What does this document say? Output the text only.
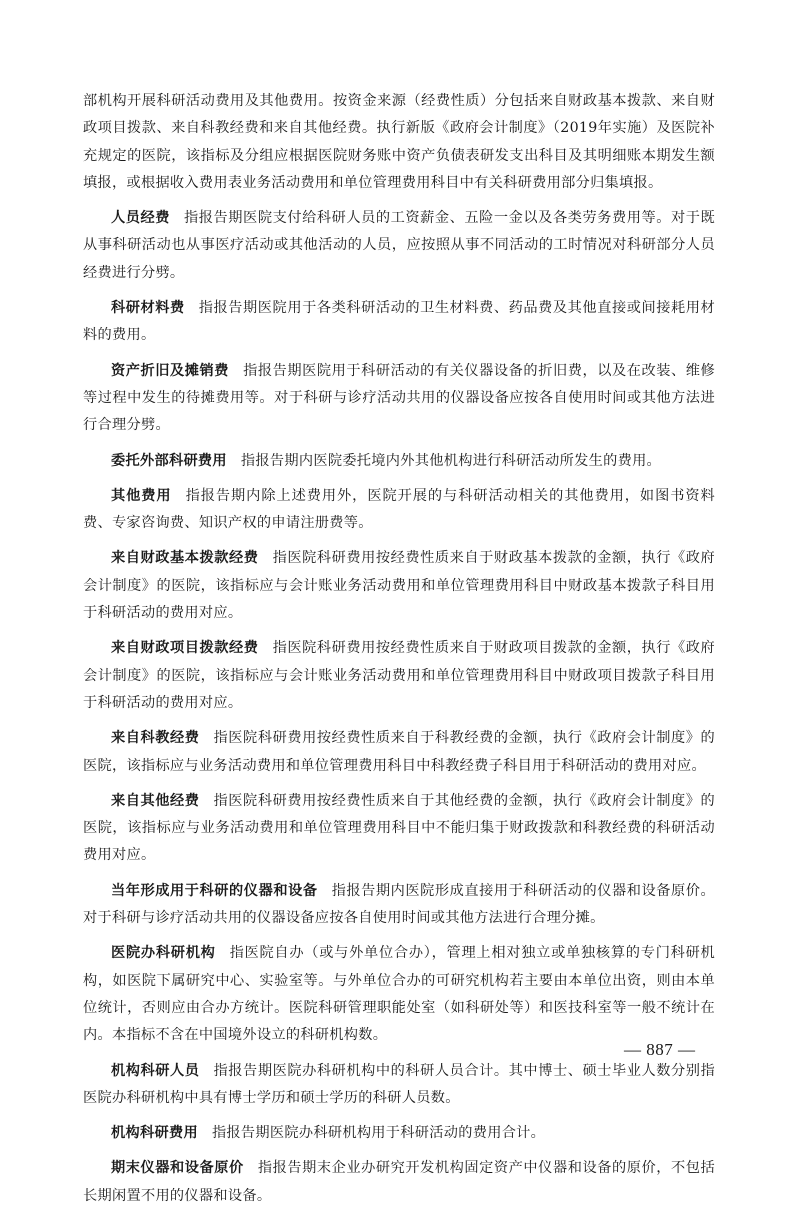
部机构开展科研活动费用及其他费用。按资金来源（经费性质）分包括来自财政基本拨款、来自财政项目拨款、来自科教经费和来自其他经费。执行新版《政府会计制度》（2019年实施）及医院补充规定的医院，该指标及分组应根据医院财务账中资产负债表研发支出科目及其明细账本期发生额填报，或根据收入费用表业务活动费用和单位管理费用科目中有关科研费用部分归集填报。

人员经费 指报告期医院支付给科研人员的工资薪金、五险一金以及各类劳务费用等。对于既从事科研活动也从事医疗活动或其他活动的人员，应按照从事不同活动的工时情况对科研部分人员经费进行分劈。

科研材料费 指报告期医院用于各类科研活动的卫生材料费、药品费及其他直接或间接耗用材料的费用。

资产折旧及摊销费 指报告期医院用于科研活动的有关仪器设备的折旧费，以及在改装、维修等过程中发生的待摊费用等。对于科研与诊疗活动共用的仪器设备应按各自使用时间或其他方法进行合理分劈。

委托外部科研费用 指报告期内医院委托境内外其他机构进行科研活动所发生的费用。

其他费用 指报告期内除上述费用外，医院开展的与科研活动相关的其他费用，如图书资料费、专家咨询费、知识产权的申请注册费等。

来自财政基本拨款经费 指医院科研费用按经费性质来自于财政基本拨款的金额，执行《政府会计制度》的医院，该指标应与会计账业务活动费用和单位管理费用科目中财政基本拨款子科目用于科研活动的费用对应。

来自财政项目拨款经费 指医院科研费用按经费性质来自于财政项目拨款的金额，执行《政府会计制度》的医院，该指标应与会计账业务活动费用和单位管理费用科目中财政项目拨款子科目用于科研活动的费用对应。

来自科教经费 指医院科研费用按经费性质来自于科教经费的金额，执行《政府会计制度》的医院，该指标应与业务活动费用和单位管理费用科目中科教经费子科目用于科研活动的费用对应。

来自其他经费 指医院科研费用按经费性质来自于其他经费的金额，执行《政府会计制度》的医院，该指标应与业务活动费用和单位管理费用科目中不能归集于财政拨款和科教经费的科研活动费用对应。

当年形成用于科研的仪器和设备 指报告期内医院形成直接用于科研活动的仪器和设备原价。对于科研与诊疗活动共用的仪器设备应按各自使用时间或其他方法进行合理分摊。

医院办科研机构 指医院自办（或与外单位合办），管理上相对独立或单独核算的专门科研机构，如医院下属研究中心、实验室等。与外单位合办的可研究机构若主要由本单位出资，则由本单位统计，否则应由合办方统计。医院科研管理职能处室（如科研处等）和医技科室等一般不统计在内。本指标不含在中国境外设立的科研机构数。

机构科研人员 指报告期医院办科研机构中的科研人员合计。其中博士、硕士毕业人数分别指医院办科研机构中具有博士学历和硕士学历的科研人员数。

机构科研费用 指报告期医院办科研机构用于科研活动的费用合计。

期末仪器和设备原价 指报告期末企业办研究开发机构固定资产中仪器和设备的原价，不包括长期闲置不用的仪器和设备。

— 887 —
